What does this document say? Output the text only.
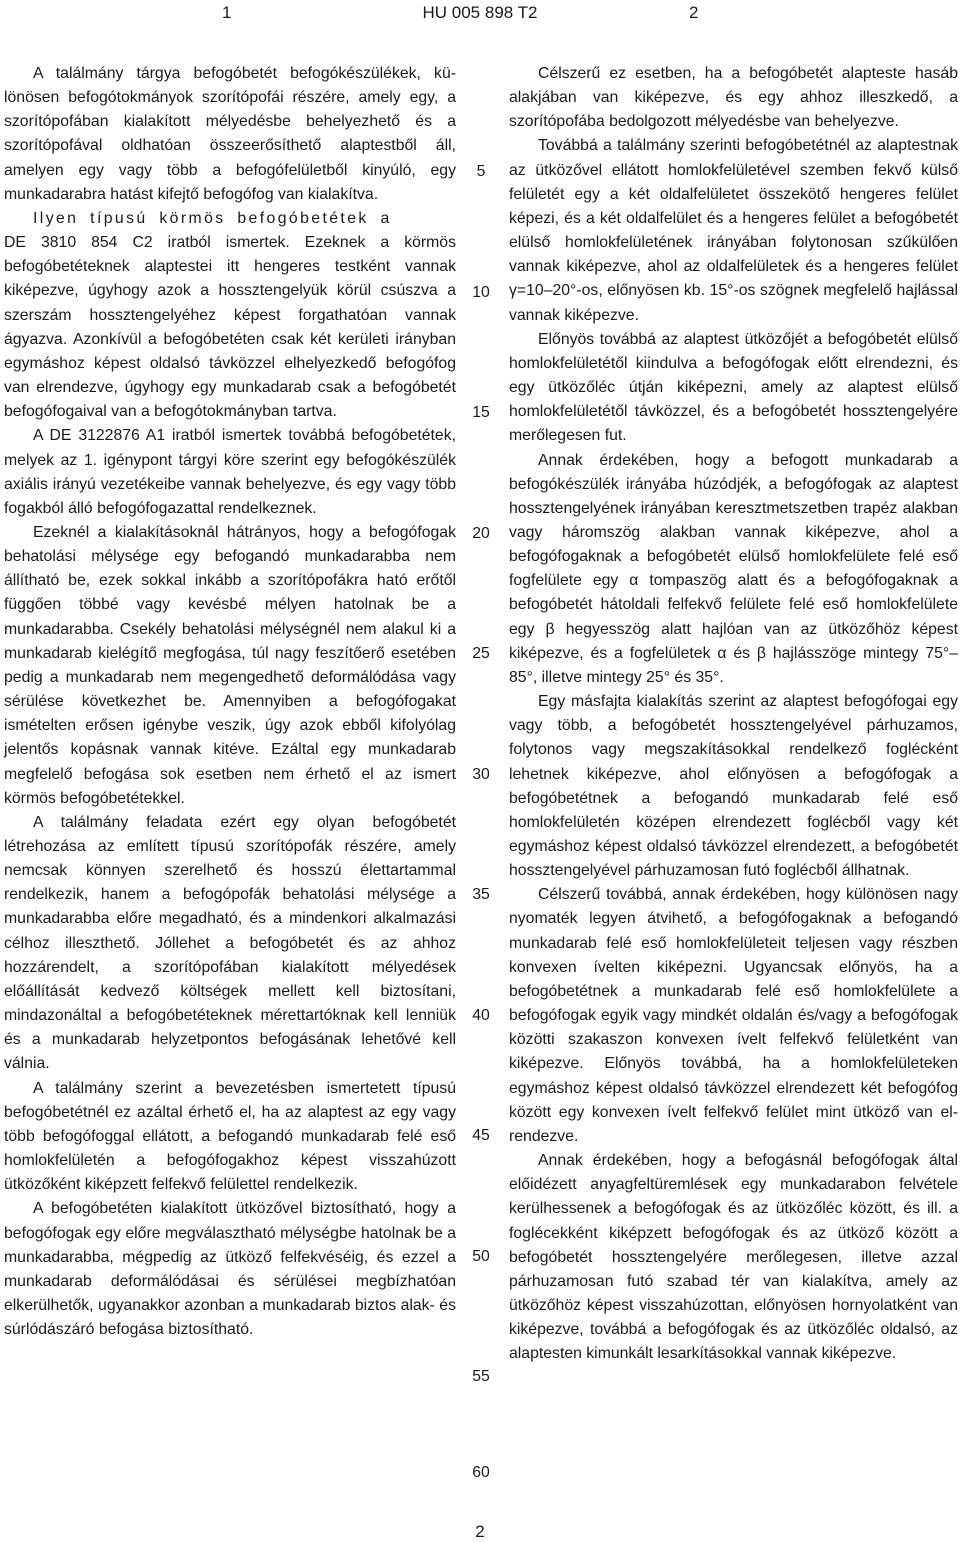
1	HU 005 898 T2	2

A találmány tárgya befogóbetét befogókészülékek, különösen befogótokmányok szorítópofái részére, amely egy, a szorítópofában kialakított mélyedésbe behelyezhető és a szorítópofával oldhatóan összeerősíthető alaptestből áll, amelyen egy vagy több a befogófelületből kinyúló, egy munkadarabra hatást kifejtő befogófog van kialakítva.

Ilyen típusú körmös befogóbetétek a

DE 3810 854 C2 iratból ismertek. Ezeknek a körmös befogóbetéteknek alaptestei itt hengeres testként vannak kiképezve, úgyhogy azok a hossztengelyük körül csúszva a szerszám hossztengelyéhez képest forgathatóan vannak ágyazva. Azonkívül a befogóbetéten csak két kerületi irányban egymáshoz képest oldalsó távközzel elhelyezkedő befogófog van elrendezve, úgyhogy egy munkadarab csak a befogóbetét befogófogaival van a befogótokmányban tartva.

A DE 3122876 A1 iratból ismertek továbbá befogóbetétek, melyek az 1. igénypont tárgyi köre szerint egy befogókészülék axiális irányú vezetékeibe vannak behelyezve, és egy vagy több fogakból álló befogófogazattal rendelkeznek.

Ezeknél a kialakításoknál hátrányos, hogy a befogófogak behatolási mélysége egy befogandó munkadarabba nem állítható be, ezek sokkal inkább a szorítópofákra ható erőtől függően többé vagy kevésbé mélyen hatolnak be a munkadarabba. Csekély behatolási mélységnél nem alakul ki a munkadarab kielégítő megfogása, túl nagy feszítőerő esetében pedig a munkadarab nem megengedhető deformálódása vagy sérülése következhet be. Amennyiben a befogófogakat ismételten erősen igénybe veszik, úgy azok ebből kifolyólag jelentős kopásnak vannak kitéve. Ezáltal egy munkadarab megfelelő befogása sok esetben nem érhető el az ismert körmös befogóbetétekkel.

A találmány feladata ezért egy olyan befogóbetét létrehozása az említett típusú szorítópofák részére, amely nemcsak könnyen szerelhető és hosszú élettartammal rendelkezik, hanem a befogópofák behatolási mélysége a munkadarabba előre megadható, és a mindenkori alkalmazási célhoz illeszthető. Jóllehet a befogóbetét és az ahhoz hozzárendelt, a szorítópofában kialakított mélyedések előállítását kedvező költségek mellett kell biztosítani, mindazonáltal a befogóbetéteknek mérettartóknak kell lenniük és a munkadarab helyzetpontos befogásának lehetővé kell válnia.

A találmány szerint a bevezetésben ismertetett típusú befogóbetétnél ez azáltal érhető el, ha az alaptest az egy vagy több befogófoggal ellátott, a befogandó munkadarab felé eső homlokfelületén a befogófogakhoz képest visszahúzott ütközőként kiképzett felfekvő felülettel rendelkezik.

A befogóbetéten kialakított ütközővel biztosítható, hogy a befogófogak egy előre megválasztható mélységbe hatolnak be a munkadarabba, mégpedig az ütköző felfekvéséig, és ezzel a munkadarab deformálódásai és sérülései megbízhatóan elkerülhetők, ugyanakkor azonban a munkadarab biztos alak- és súrlódászáró befogása biztosítható.

5
10
15
20
25
30
35
40
45
50
55
60

Célszerű ez esetben, ha a befogóbetét alapteste hasáb alakjában van kiképezve, és egy ahhoz illeszkedő, a szorítópofába bedolgozott mélyedésbe van behelyezve.

Továbbá a találmány szerinti befogóbetétnél az alaptestnak az ütközővel ellátott homlokfelületével szemben fekvő külső felületét egy a két oldalfelületet összekötő hengeres felület képezi, és a két oldalfelület és a hengeres felület a befogóbetét elülső homlokfelületének irányában folytonosan szűkülően vannak kiképezve, ahol az oldalfelületek és a hengeres felület γ=10–20°-os, előnyösen kb. 15°-os szögnek megfelelő hajlással vannak kiképezve.

Előnyös továbbá az alaptest ütközőjét a befogóbetét elülső homlokfelületétől kiindulva a befogófogak előtt elrendezni, és egy ütközőléc útján kiképezni, amely az alaptest elülső homlokfelületétől távközzel, és a befogóbetét hossztengelyére merőlegesen fut.

Annak érdekében, hogy a befogott munkadarab a befogókészülék irányába húzódjék, a befogófogak az alaptest hossztengelyének irányában keresztmetszetben trapéz alakban vagy háromszög alakban vannak kiképezve, ahol a befogófogaknak a befogóbetét elülső homlokfelülete felé eső fogfelülete egy α tompaszög alatt és a befogófogaknak a befogóbetét hátoldali felfekvő felülete felé eső homlokfelülete egy β hegyesszög alatt hajlóan van az ütközőhöz képest kiképezve, és a fogfelületek α és β hajlásszöge mintegy 75°–85°, illetve mintegy 25° és 35°.

Egy másfajta kialakítás szerint az alaptest befogófogai egy vagy több, a befogóbetét hossztengelyével párhuzamos, folytonos vagy megszakításokkal rendelkező foglécként lehetnek kiképezve, ahol előnyösen a befogófogak a befogóbetétnek a befogandó munkadarab felé eső homlokfelületén középen elrendezett foglécből vagy két egymáshoz képest oldalsó távközzel elrendezett, a befogóbetét hossztengelyével párhuzamosan futó foglécből állhatnak.

Célszerű továbbá, annak érdekében, hogy különösen nagy nyomaték legyen átvihető, a befogófogaknak a befogandó munkadarab felé eső homlokfelületeit teljesen vagy részben konvexen ívelten kiképezni. Ugyancsak előnyös, ha a befogóbetétnek a munkadarab felé eső homlokfelülete a befogófogak egyik vagy mindkét oldalán és/vagy a befogófogak közötti szakaszon konvexen ívelt felfekvő felületként van kiképezve. Előnyös továbbá, ha a homlokfelületeken egymáshoz képest oldalsó távközzel elrendezett két befogófog között egy konvexen ívelt felfekvő felület mint ütköző van elrendezve.

Annak érdekében, hogy a befogásnál befogófogak által előidézett anyagfeltüremlések egy munkadarabon felvétele kerülhessenek a befogófogak és az ütközőléc között, és ill. a foglécekként kiképzett befogófogak és az ütköző között a befogóbetét hossztengelyére merőlegesen, illetve azzal párhuzamosan futó szabad tér van kialakítva, amely az ütközőhöz képest visszahúzottan, előnyösen hornyolatként van kiképezve, továbbá a befogófogak és az ütközőléc oldalsó, az alaptesten kimunkált lesarkításokkal vannak kiképezve.

2
